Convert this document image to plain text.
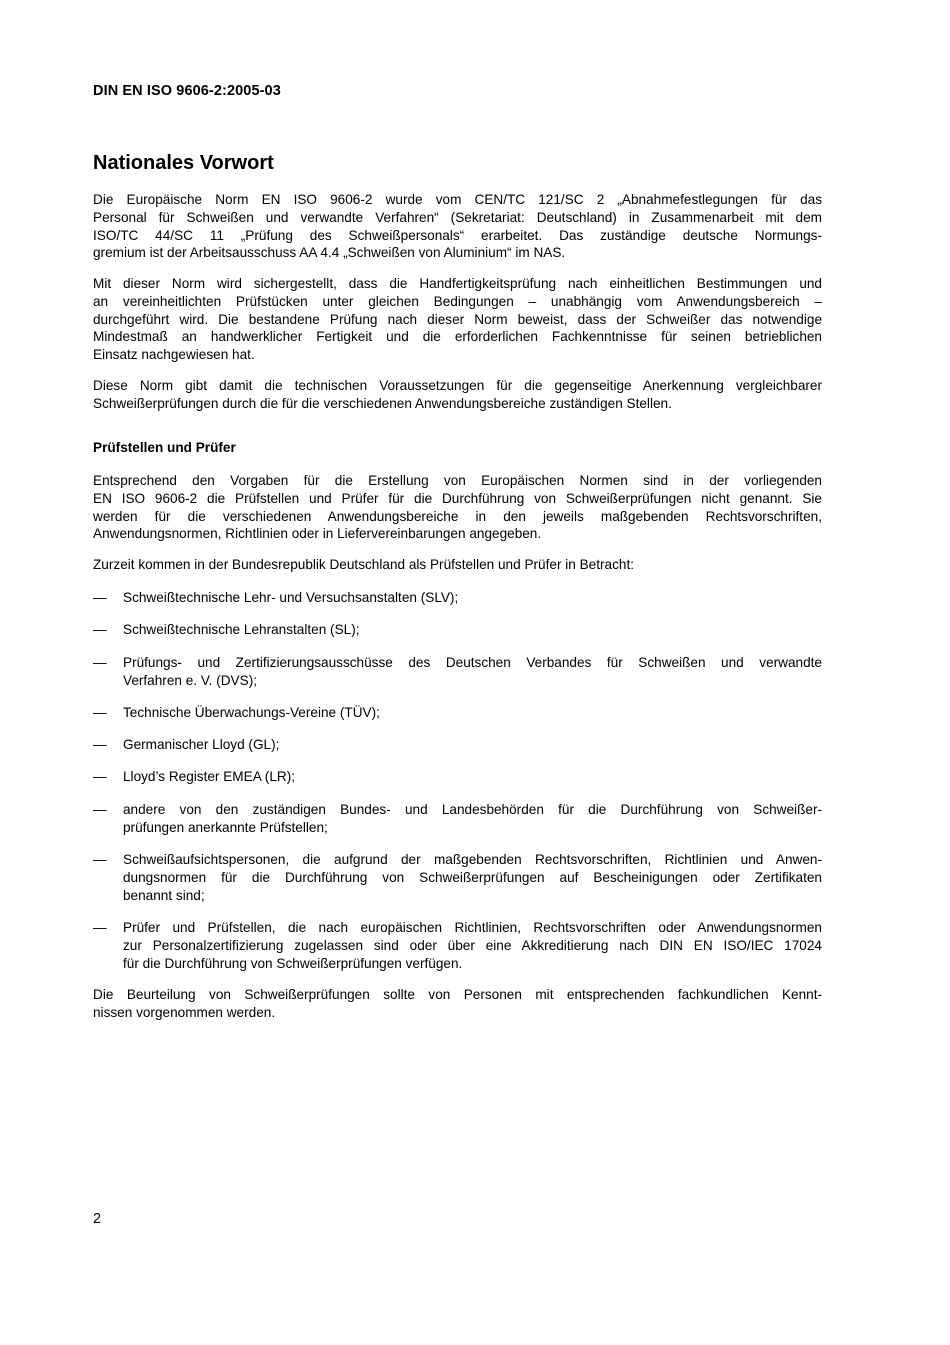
DIN EN ISO 9606-2:2005-03
Nationales Vorwort
Die Europäische Norm EN ISO 9606-2 wurde vom CEN/TC 121/SC 2 „Abnahmefestlegungen für das
Personal für Schweißen und verwandte Verfahren“ (Sekretariat: Deutschland) in Zusammenarbeit mit dem
ISO/TC 44/SC 11 „Prüfung des Schweißpersonals“ erarbeitet. Das zuständige deutsche Normungs-
gremium ist der Arbeitsausschuss AA 4.4 „Schweißen von Aluminium“ im NAS.
Mit dieser Norm wird sichergestellt, dass die Handfertigkeitsprüfung nach einheitlichen Bestimmungen und
an vereinheitlichten Prüfstücken unter gleichen Bedingungen – unabhängig vom Anwendungsbereich –
durchgeführt wird. Die bestandene Prüfung nach dieser Norm beweist, dass der Schweißer das notwendige
Mindestmaß an handwerklicher Fertigkeit und die erforderlichen Fachkenntnisse für seinen betrieblichen
Einsatz nachgewiesen hat.
Diese Norm gibt damit die technischen Voraussetzungen für die gegenseitige Anerkennung vergleichbarer
Schweißerprüfungen durch die für die verschiedenen Anwendungsbereiche zuständigen Stellen.
Prüfstellen und Prüfer
Entsprechend den Vorgaben für die Erstellung von Europäischen Normen sind in der vorliegenden
EN ISO 9606-2 die Prüfstellen und Prüfer für die Durchführung von Schweißerprüfungen nicht genannt. Sie
werden für die verschiedenen Anwendungsbereiche in den jeweils maßgebenden Rechtsvorschriften,
Anwendungsnormen, Richtlinien oder in Liefervereinbarungen angegeben.
Zurzeit kommen in der Bundesrepublik Deutschland als Prüfstellen und Prüfer in Betracht:
—	Schweißtechnische Lehr- und Versuchsanstalten (SLV);
—	Schweißtechnische Lehranstalten (SL);
—	Prüfungs- und Zertifizierungsausschüsse des Deutschen Verbandes für Schweißen und verwandte
Verfahren e. V. (DVS);
—	Technische Überwachungs-Vereine (TÜV);
—	Germanischer Lloyd (GL);
—	Lloyd’s Register EMEA (LR);
—	andere von den zuständigen Bundes- und Landesbehörden für die Durchführung von Schweißer-
prüfungen anerkannte Prüfstellen;
—	Schweißaufsichtspersonen, die aufgrund der maßgebenden Rechtsvorschriften, Richtlinien und Anwen-
dungsnormen für die Durchführung von Schweißerprüfungen auf Bescheinigungen oder Zertifikaten
benannt sind;
—	Prüfer und Prüfstellen, die nach europäischen Richtlinien, Rechtsvorschriften oder Anwendungsnormen
zur Personalzertifizierung zugelassen sind oder über eine Akkreditierung nach DIN EN ISO/IEC 17024
für die Durchführung von Schweißerprüfungen verfügen.
Die Beurteilung von Schweißerprüfungen sollte von Personen mit entsprechenden fachkundlichen Kennt-
nissen vorgenommen werden.
2
